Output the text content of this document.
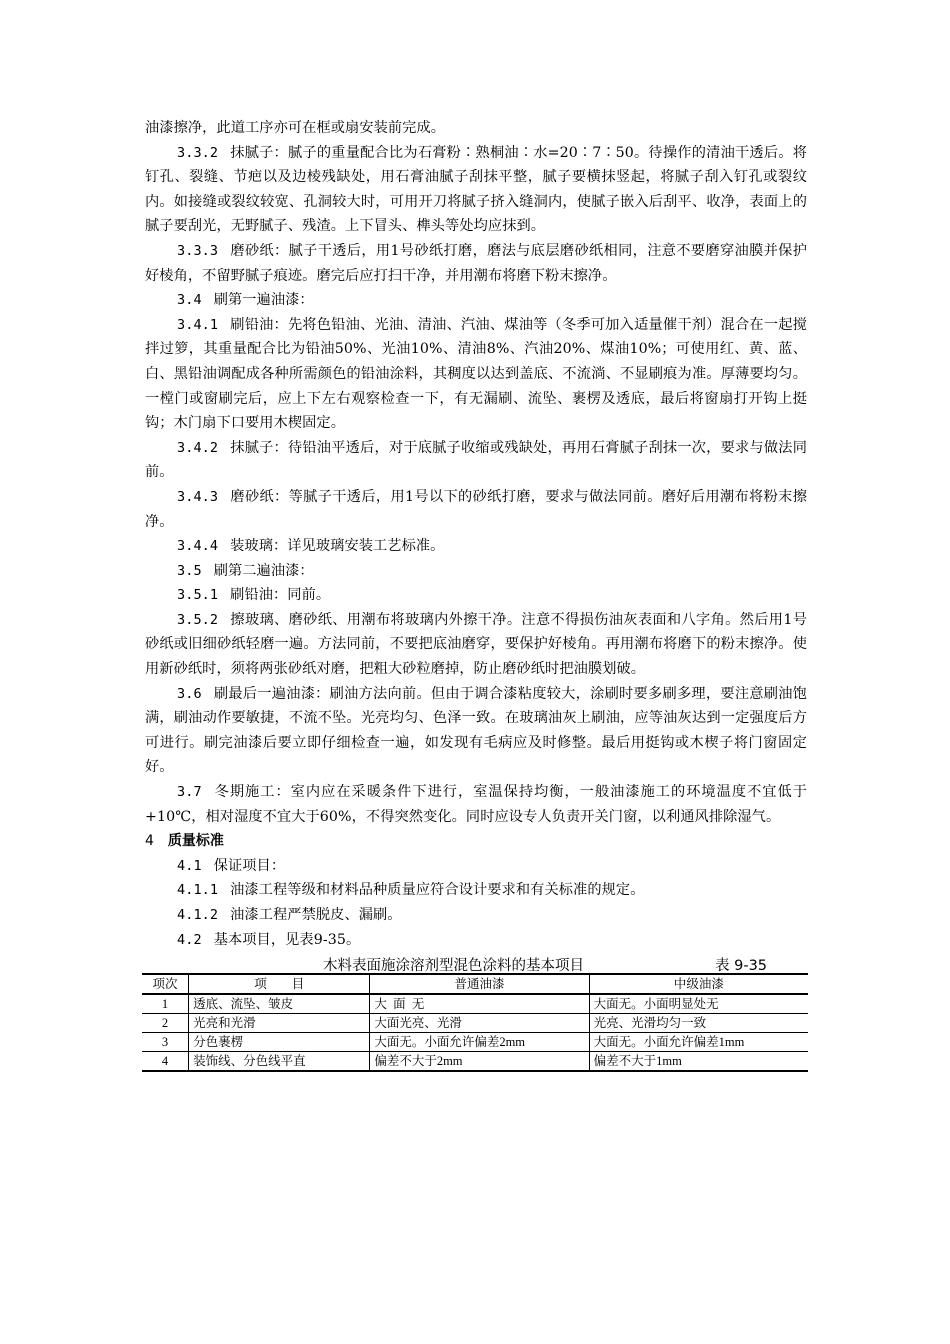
油漆擦净，此道工序亦可在框或扇安装前完成。

3.3.2 抹腻子：腻子的重量配合比为石膏粉∶熟桐油∶水=20∶7∶50。待操作的清油干透后。将钉孔、裂缝、节疤以及边棱残缺处，用石膏油腻子刮抹平整，腻子要横抹竖起，将腻子刮入钉孔或裂纹内。如接缝或裂纹较宽、孔洞较大时，可用开刀将腻子挤入缝洞内，使腻子嵌入后刮平、收净，表面上的腻子要刮光，无野腻子、残渣。上下冒头、榫头等处均应抹到。

3.3.3 磨砂纸：腻子干透后，用1号砂纸打磨，磨法与底层磨砂纸相同，注意不要磨穿油膜并保护好棱角，不留野腻子痕迹。磨完后应打扫干净，并用潮布将磨下粉末擦净。

3.4 刷第一遍油漆：

3.4.1 刷铅油：先将色铅油、光油、清油、汽油、煤油等（冬季可加入适量催干剂）混合在一起搅拌过箩，其重量配合比为铅油50%、光油10%、清油8%、汽油20%、煤油10%；可使用红、黄、蓝、白、黑铅油调配成各种所需颜色的铅油涂料，其稠度以达到盖底、不流淌、不显刷痕为准。厚薄要均匀。一樘门或窗刷完后，应上下左右观察检查一下，有无漏刷、流坠、裹楞及透底，最后将窗扇打开钩上挺钩；木门扇下口要用木楔固定。

3.4.2 抹腻子：待铅油平透后，对于底腻子收缩或残缺处，再用石膏腻子刮抹一次，要求与做法同前。

3.4.3 磨砂纸：等腻子干透后，用1号以下的砂纸打磨，要求与做法同前。磨好后用潮布将粉末擦净。

3.4.4 装玻璃：详见玻璃安装工艺标准。

3.5 刷第二遍油漆：

3.5.1 刷铅油：同前。

3.5.2 擦玻璃、磨砂纸、用潮布将玻璃内外擦干净。注意不得损伤油灰表面和八字角。然后用1号砂纸或旧细砂纸轻磨一遍。方法同前，不要把底油磨穿，要保护好棱角。再用潮布将磨下的粉末擦净。使用新砂纸时，须将两张砂纸对磨，把粗大砂粒磨掉，防止磨砂纸时把油膜划破。

3.6 刷最后一遍油漆：刷油方法向前。但由于调合漆粘度较大，涂刷时要多刷多理，要注意刷油饱满，刷油动作要敏捷，不流不坠。光亮均匀、色泽一致。在玻璃油灰上刷油，应等油灰达到一定强度后方可进行。刷完油漆后要立即仔细检查一遍，如发现有毛病应及时修整。最后用挺钩或木楔子将门窗固定好。

3.7 冬期施工：室内应在采暖条件下进行，室温保持均衡，一般油漆施工的环境温度不宜低于+10℃，相对湿度不宜大于60%，不得突然变化。同时应设专人负责开关门窗，以利通风排除湿气。

4 质量标准

4.1 保证项目：

4.1.1 油漆工程等级和材料品种质量应符合设计要求和有关标准的规定。

4.1.2 油漆工程严禁脱皮、漏刷。

4.2 基本项目，见表9-35。

木料表面施涂溶剂型混色涂料的基本项目	表 9-35
项次	项　　目	普通油漆	中级油漆
1	透底、流坠、皱皮	大  面  无	大面无。小面明显处无
2	光亮和光滑	大面光亮、光滑	光亮、光滑均匀一致
3	分色裹楞	大面无。小面允许偏差2mm	大面无。小面允许偏差1mm
4	装饰线、分色线平直	偏差不大于2mm	偏差不大于1mm
